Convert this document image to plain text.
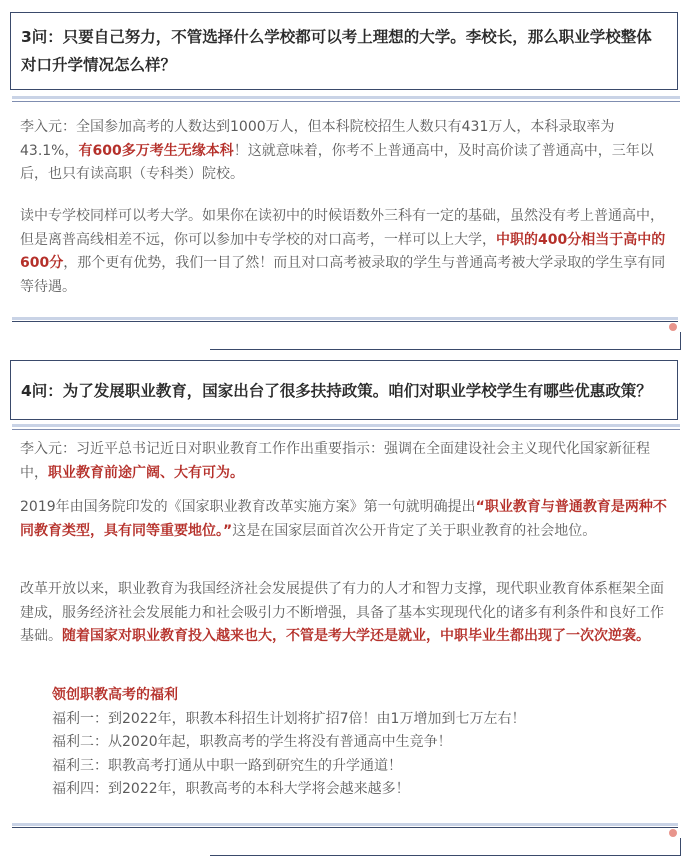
3问：只要自己努力，不管选择什么学校都可以考上理想的大学。李校长，那么职业学校整体
对口升学情况怎么样？
李入元：全国参加高考的人数达到1000万人，但本科院校招生人数只有431万人，本科录取率为43.1%，有600多万考生无缘本科！这就意味着，你考不上普通高中，及时高价读了普通高中，三年以后，也只有读高职（专科类）院校。
读中专学校同样可以考大学。如果你在读初中的时候语数外三科有一定的基础，虽然没有考上普通高中，但是离普高线相差不远，你可以参加中专学校的对口高考，一样可以上大学，中职的400分相当于高中的600分，那个更有优势，我们一目了然！而且对口高考被录取的学生与普通高考被大学录取的学生享有同等待遇。
4问：为了发展职业教育，国家出台了很多扶持政策。咱们对职业学校学生有哪些优惠政策？
李入元：习近平总书记近日对职业教育工作作出重要指示：强调在全面建设社会主义现代化国家新征程中，职业教育前途广阔、大有可为。
2019年由国务院印发的《国家职业教育改革实施方案》第一句就明确提出“职业教育与普通教育是两种不同教育类型，具有同等重要地位。”这是在国家层面首次公开肯定了关于职业教育的社会地位。
改革开放以来，职业教育为我国经济社会发展提供了有力的人才和智力支撑，现代职业教育体系框架全面建成，服务经济社会发展能力和社会吸引力不断增强，具备了基本实现现代化的诸多有利条件和良好工作基础。随着国家对职业教育投入越来也大，不管是考大学还是就业，中职毕业生都出现了一次次逆袭。
领创职教高考的福利
福利一：到2022年，职教本科招生计划将扩招7倍！由1万增加到七万左右！
福利二：从2020年起，职教高考的学生将没有普通高中生竞争！
福利三：职教高考打通从中职一路到研究生的升学通道！
福利四：到2022年，职教高考的本科大学将会越来越多！
